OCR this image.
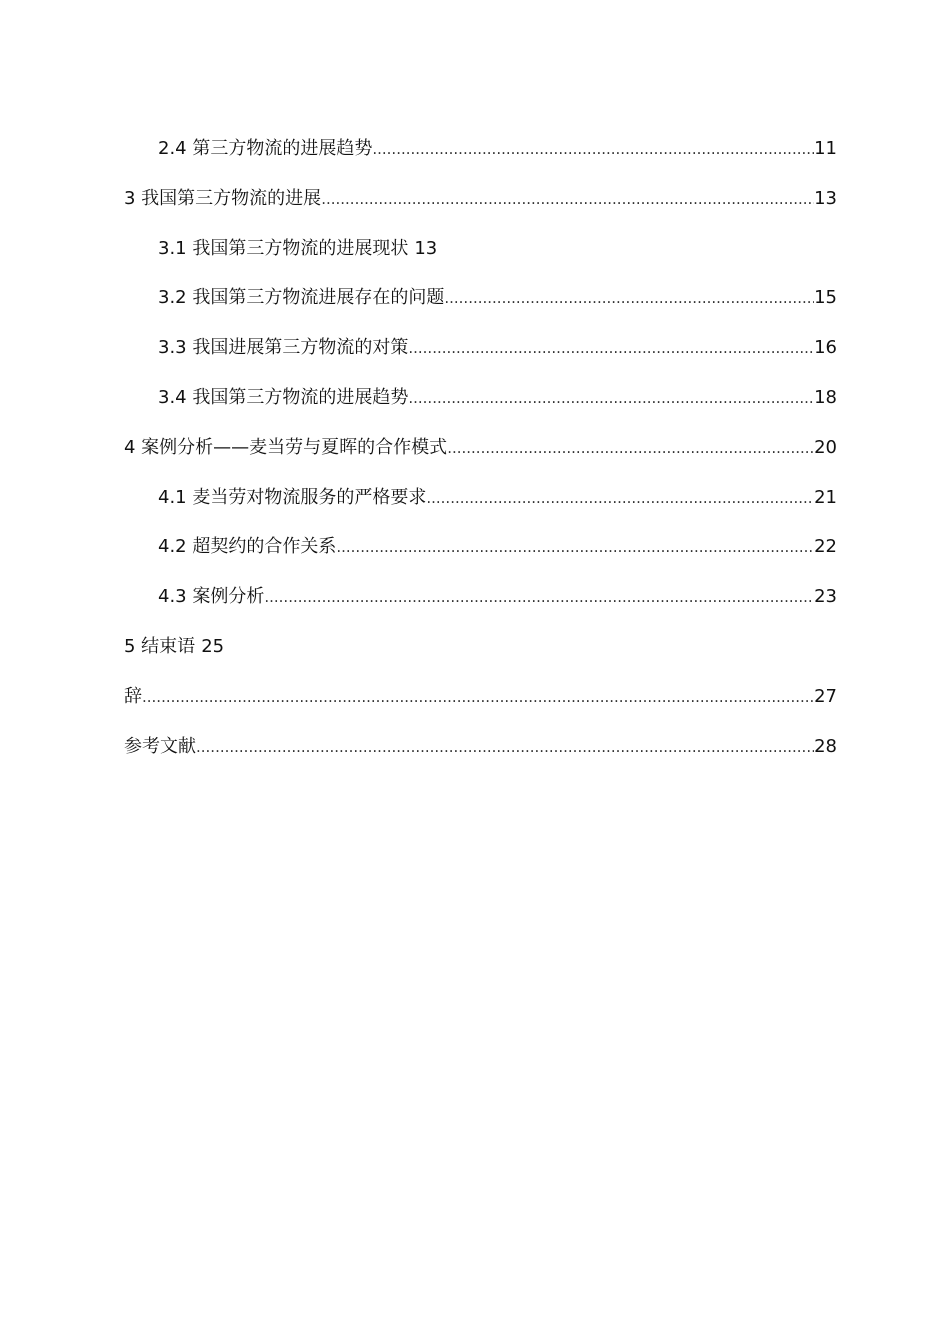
2.4 第三方物流的进展趋势 .....	11
3 我国第三方物流的进展 .....	13
3.1 我国第三方物流的进展现状 13
3.2 我国第三方物流进展存在的问题 .....	15
3.3 我国进展第三方物流的对策 .....	16
3.4 我国第三方物流的进展趋势 .....	18
4 案例分析——麦当劳与夏晖的合作模式 .....	20
4.1 麦当劳对物流服务的严格要求 .....	21
4.2 超契约的合作关系 .....	22
4.3 案例分析 .....	23
5 结束语 25
辞 .....	27
参考文献 .....	28
